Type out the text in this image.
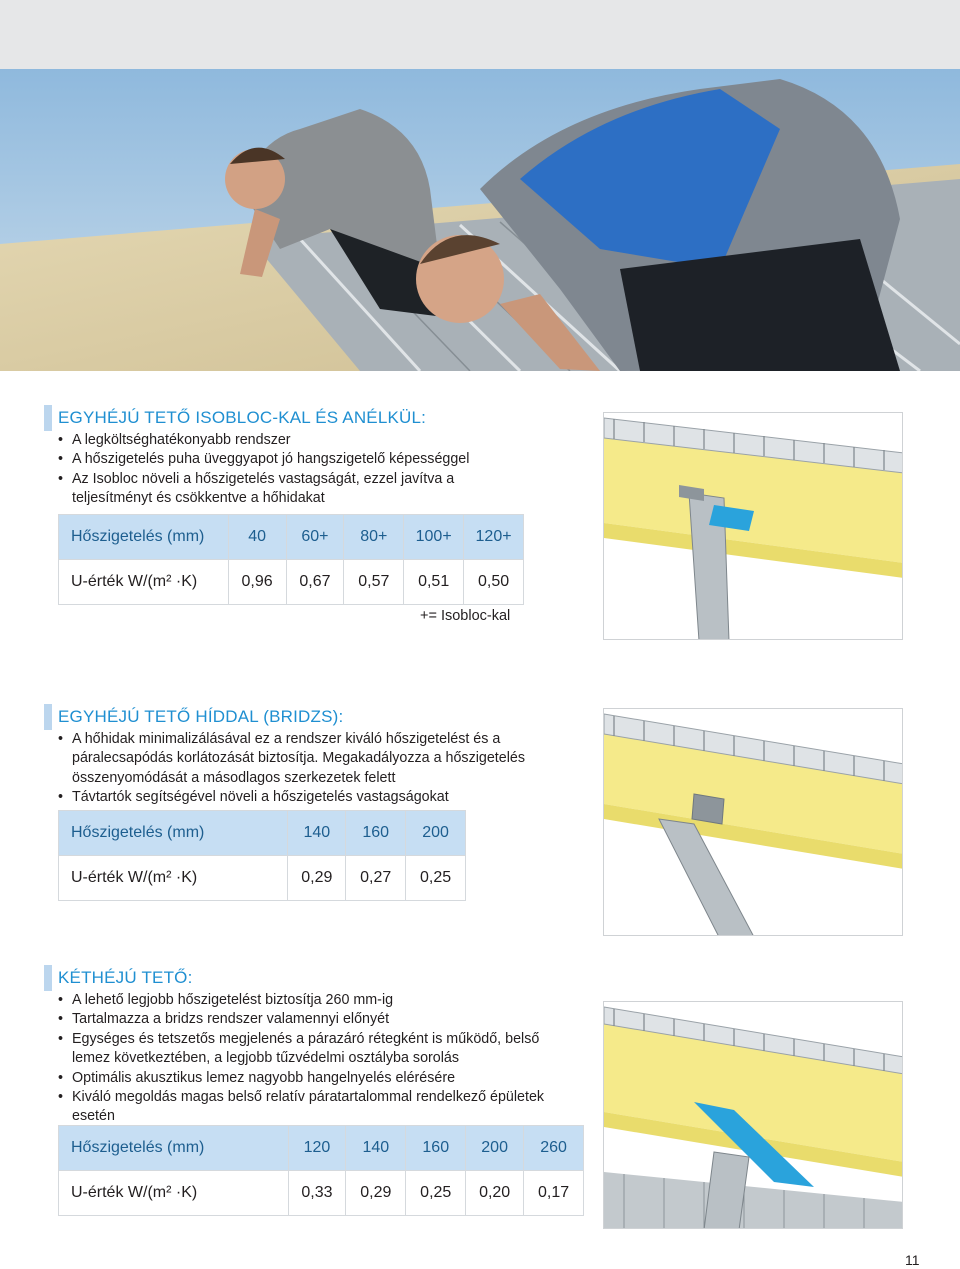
EGYHÉJÚ TETŐ ISOBLOC-KAL ÉS ANÉLKÜL:
• A legköltséghatékonyabb rendszer
• A hőszigetelés puha üveggyapot jó hangszigetelő képességgel
• Az Isobloc növeli a hőszigetelés vastagságát, ezzel javítva a teljesítményt és csökkentve a hőhidakat
Hőszigetelés (mm)	40	60+	80+	100+	120+
U-érték W/(m² ·K)	0,96	0,67	0,57	0,51	0,50
+= Isobloc-kal
EGYHÉJÚ TETŐ HÍDDAL (BRIDZS):
• A hőhidak minimalizálásával ez a rendszer kiváló hőszigetelést és a páralecsapódás korlátozását biztosítja. Megakadályozza a hőszigetelés összenyomódását a másodlagos szerkezetek felett
• Távtartók segítségével növeli a hőszigetelés vastagságokat
Hőszigetelés (mm)	140	160	200
U-érték W/(m² ·K)	0,29	0,27	0,25
KÉTHÉJÚ TETŐ:
• A lehető legjobb hőszigetelést biztosítja 260 mm-ig
• Tartalmazza a bridzs rendszer valamennyi előnyét
• Egységes és tetszetős megjelenés a párazáró rétegként is működő, belső lemez következtében, a legjobb tűzvédelmi osztályba sorolás
• Optimális akusztikus lemez nagyobb hangelnyelés elérésére
• Kiváló megoldás magas belső relatív páratartalommal rendelkező épületek esetén
Hőszigetelés (mm)	120	140	160	200	260
U-érték W/(m² ·K)	0,33	0,29	0,25	0,20	0,17
11
